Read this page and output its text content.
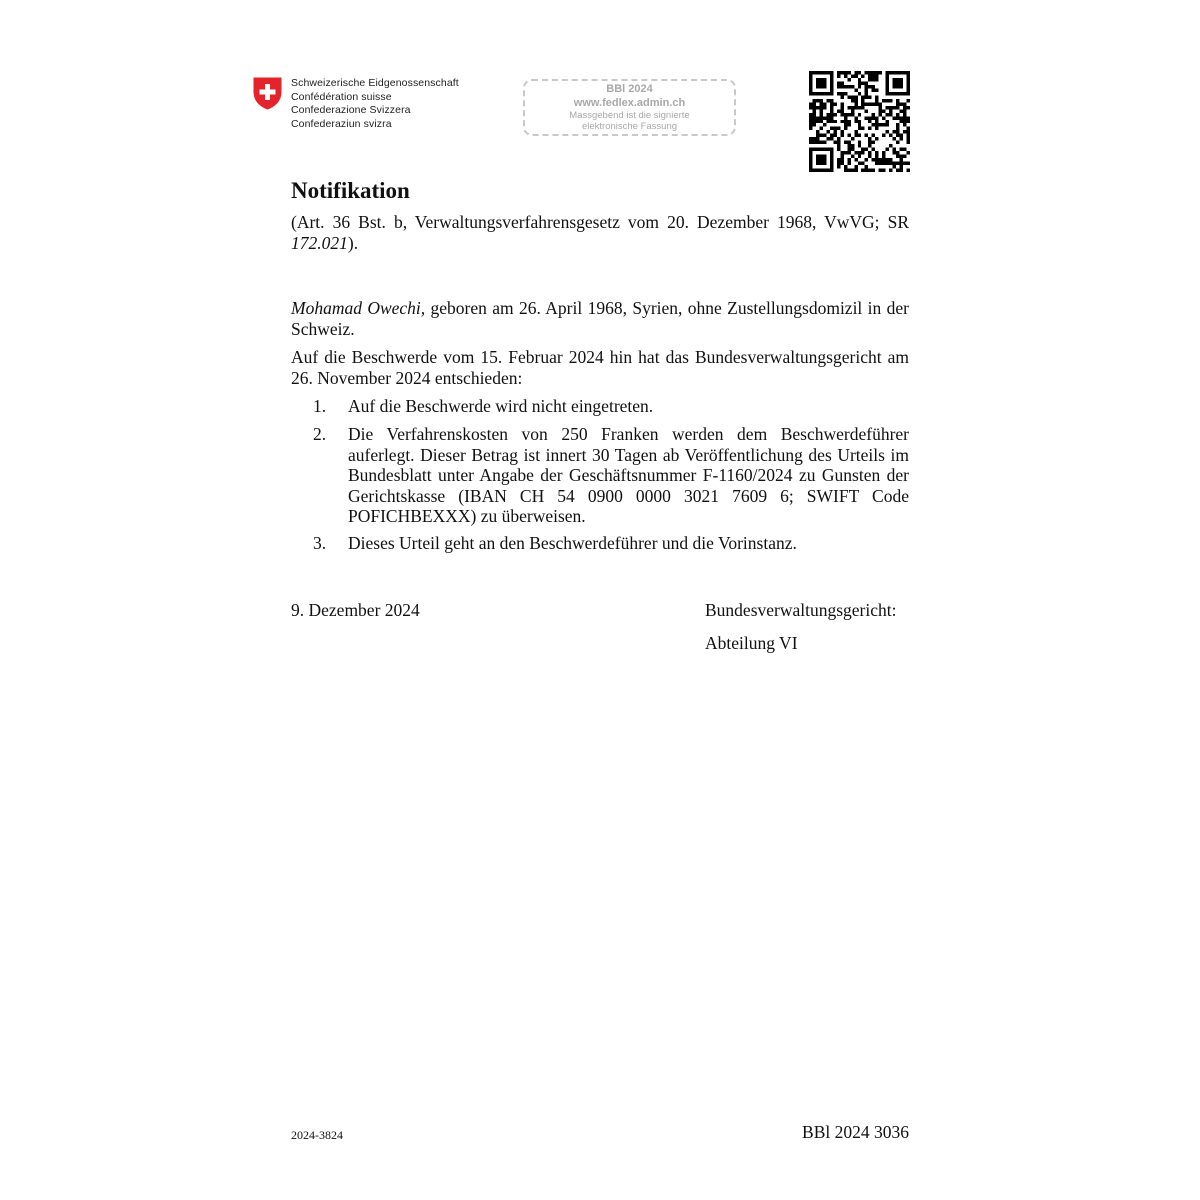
Schweizerische Eidgenossenschaft
Confédération suisse
Confederazione Svizzera
Confederaziun svizra
BBl 2024
www.fedlex.admin.ch
Massgebend ist die signierte
elektronische Fassung
Notifikation
(Art. 36 Bst. b, Verwaltungsverfahrensgesetz vom 20. Dezember 1968, VwVG; SR 172.021).
Mohamad Owechi, geboren am 26. April 1968, Syrien, ohne Zustellungsdomizil in der Schweiz.
Auf die Beschwerde vom 15. Februar 2024 hin hat das Bundesverwaltungsgericht am 26. November 2024 entschieden:
1. Auf die Beschwerde wird nicht eingetreten.
2. Die Verfahrenskosten von 250 Franken werden dem Beschwerdeführer auferlegt. Dieser Betrag ist innert 30 Tagen ab Veröffentlichung des Urteils im Bundesblatt unter Angabe der Geschäftsnummer F-1160/2024 zu Gunsten der Gerichtskasse (IBAN CH 54 0900 0000 3021 7609 6; SWIFT Code POFICHBEXXX) zu überweisen.
3. Dieses Urteil geht an den Beschwerdeführer und die Vorinstanz.
9. Dezember 2024	Bundesverwaltungsgericht:
Abteilung VI
2024-3824	BBl 2024 3036
